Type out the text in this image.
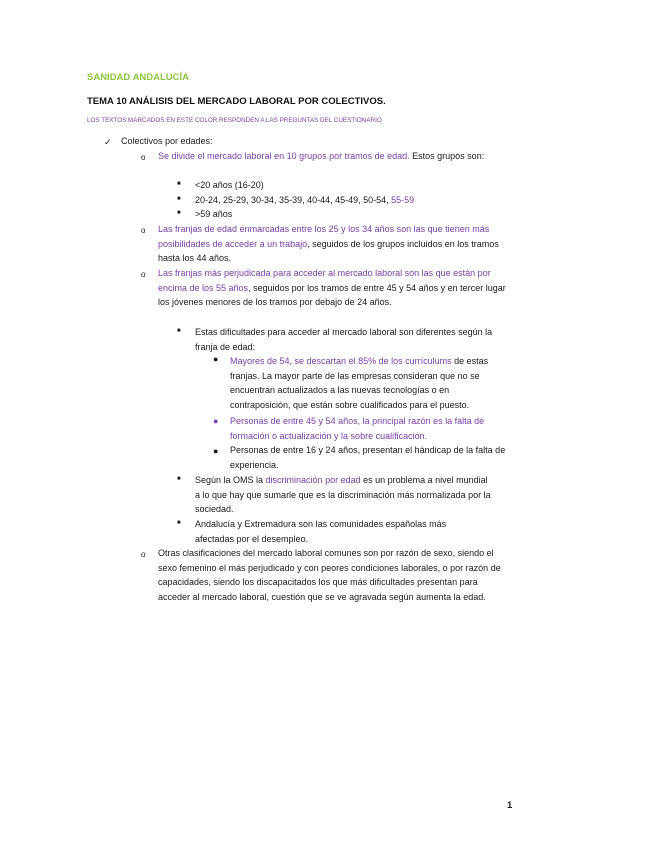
SANIDAD ANDALUCÍA
TEMA 10 ANÁLISIS DEL MERCADO LABORAL POR COLECTIVOS.
LOS TEXTOS MARCADOS EN ESTE COLOR RESPONDEN A LAS PREGUNTAS DEL CUESTIONARIO
✓ Colectivos por edades:
o Se divide el mercado laboral en 10 grupos por tramos de edad. Estos grupos son:
■ <20 años (16-20)
■ 20-24, 25-29, 30-34, 35-39, 40-44, 45-49, 50-54, 55-59
■ >59 años
o Las franjas de edad enmarcadas entre los 25 y los 34 años son las que tienen más posibilidades de acceder a un trabajo, seguidos de los grupos incluidos en los tramos hasta los 44 años.
o Las franjas más perjudicada para acceder al mercado laboral son las que están por encima de los 55 años, seguidos por los tramos de entre 45 y 54 años y en tercer lugar los jóvenes menores de los tramos por debajo de 24 años.
■ Estas dificultades para acceder al mercado laboral son diferentes según la franja de edad:
● Mayores de 54, se descartan el 85% de los currículums de estas franjas. La mayor parte de las empresas consideran que no se encuentran actualizados a las nuevas tecnologías o en contraposición, que están sobre cualificados para el puesto.
● Personas de entre 45 y 54 años, la principal razón es la falta de formación o actualización y la sobre cualificación.
● Personas de entre 16 y 24 años, presentan el hándicap de la falta de experiencia.
■ Según la OMS la discriminación por edad es un problema a nivel mundial a lo que hay que sumarle que es la discriminación más normalizada por la sociedad.
■ Andalucía y Extremadura son las comunidades españolas más afectadas por el desempleo.
o Otras clasificaciones del mercado laboral comunes son por razón de sexo, siendo el sexo femenino el más perjudicado y con peores condiciones laborales, o por razón de capacidades, siendo los discapacitados los que más dificultades presentan para acceder al mercado laboral, cuestión que se ve agravada según aumenta la edad.
1
